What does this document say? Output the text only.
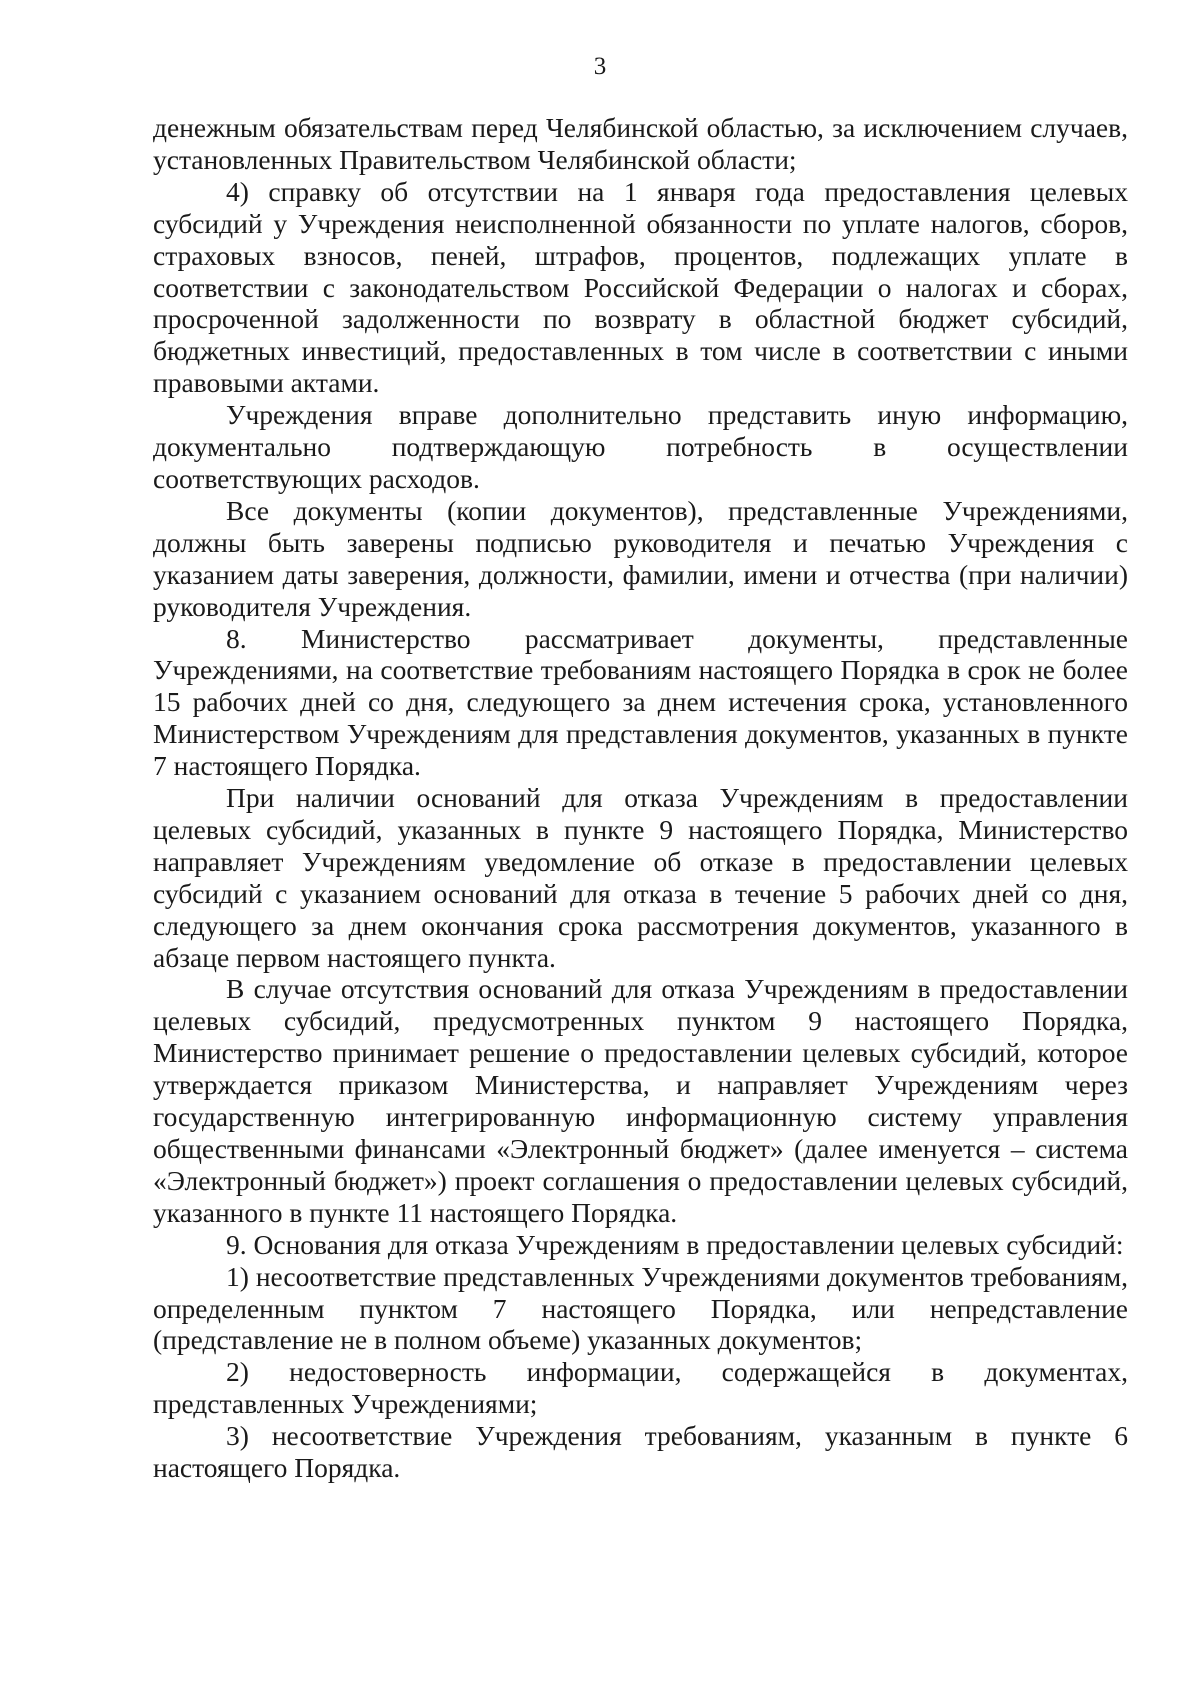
3

денежным обязательствам перед Челябинской областью, за исключением случаев, установленных Правительством Челябинской области;

4) справку об отсутствии на 1 января года предоставления целевых субсидий у Учреждения неисполненной обязанности по уплате налогов, сборов, страховых взносов, пеней, штрафов, процентов, подлежащих уплате в соответствии с законодательством Российской Федерации о налогах и сборах, просроченной задолженности по возврату в областной бюджет субсидий, бюджетных инвестиций, предоставленных в том числе в соответствии с иными правовыми актами.

Учреждения вправе дополнительно представить иную информацию, документально подтверждающую потребность в осуществлении соответствующих расходов.

Все документы (копии документов), представленные Учреждениями, должны быть заверены подписью руководителя и печатью Учреждения с указанием даты заверения, должности, фамилии, имени и отчества (при наличии) руководителя Учреждения.

8. Министерство рассматривает документы, представленные Учреждениями, на соответствие требованиям настоящего Порядка в срок не более 15 рабочих дней со дня, следующего за днем истечения срока, установленного Министерством Учреждениям для представления документов, указанных в пункте 7 настоящего Порядка.

При наличии оснований для отказа Учреждениям в предоставлении целевых субсидий, указанных в пункте 9 настоящего Порядка, Министерство направляет Учреждениям уведомление об отказе в предоставлении целевых субсидий с указанием оснований для отказа в течение 5 рабочих дней со дня, следующего за днем окончания срока рассмотрения документов, указанного в абзаце первом настоящего пункта.

В случае отсутствия оснований для отказа Учреждениям в предоставлении целевых субсидий, предусмотренных пунктом 9 настоящего Порядка, Министерство принимает решение о предоставлении целевых субсидий, которое утверждается приказом Министерства, и направляет Учреждениям через государственную интегрированную информационную систему управления общественными финансами «Электронный бюджет» (далее именуется – система «Электронный бюджет») проект соглашения о предоставлении целевых субсидий, указанного в пункте 11 настоящего Порядка.

9. Основания для отказа Учреждениям в предоставлении целевых субсидий:

1) несоответствие представленных Учреждениями документов требованиям, определенным пунктом 7 настоящего Порядка, или непредставление (представление не в полном объеме) указанных документов;

2) недостоверность информации, содержащейся в документах, представленных Учреждениями;

3) несоответствие Учреждения требованиям, указанным в пункте 6 настоящего Порядка.
